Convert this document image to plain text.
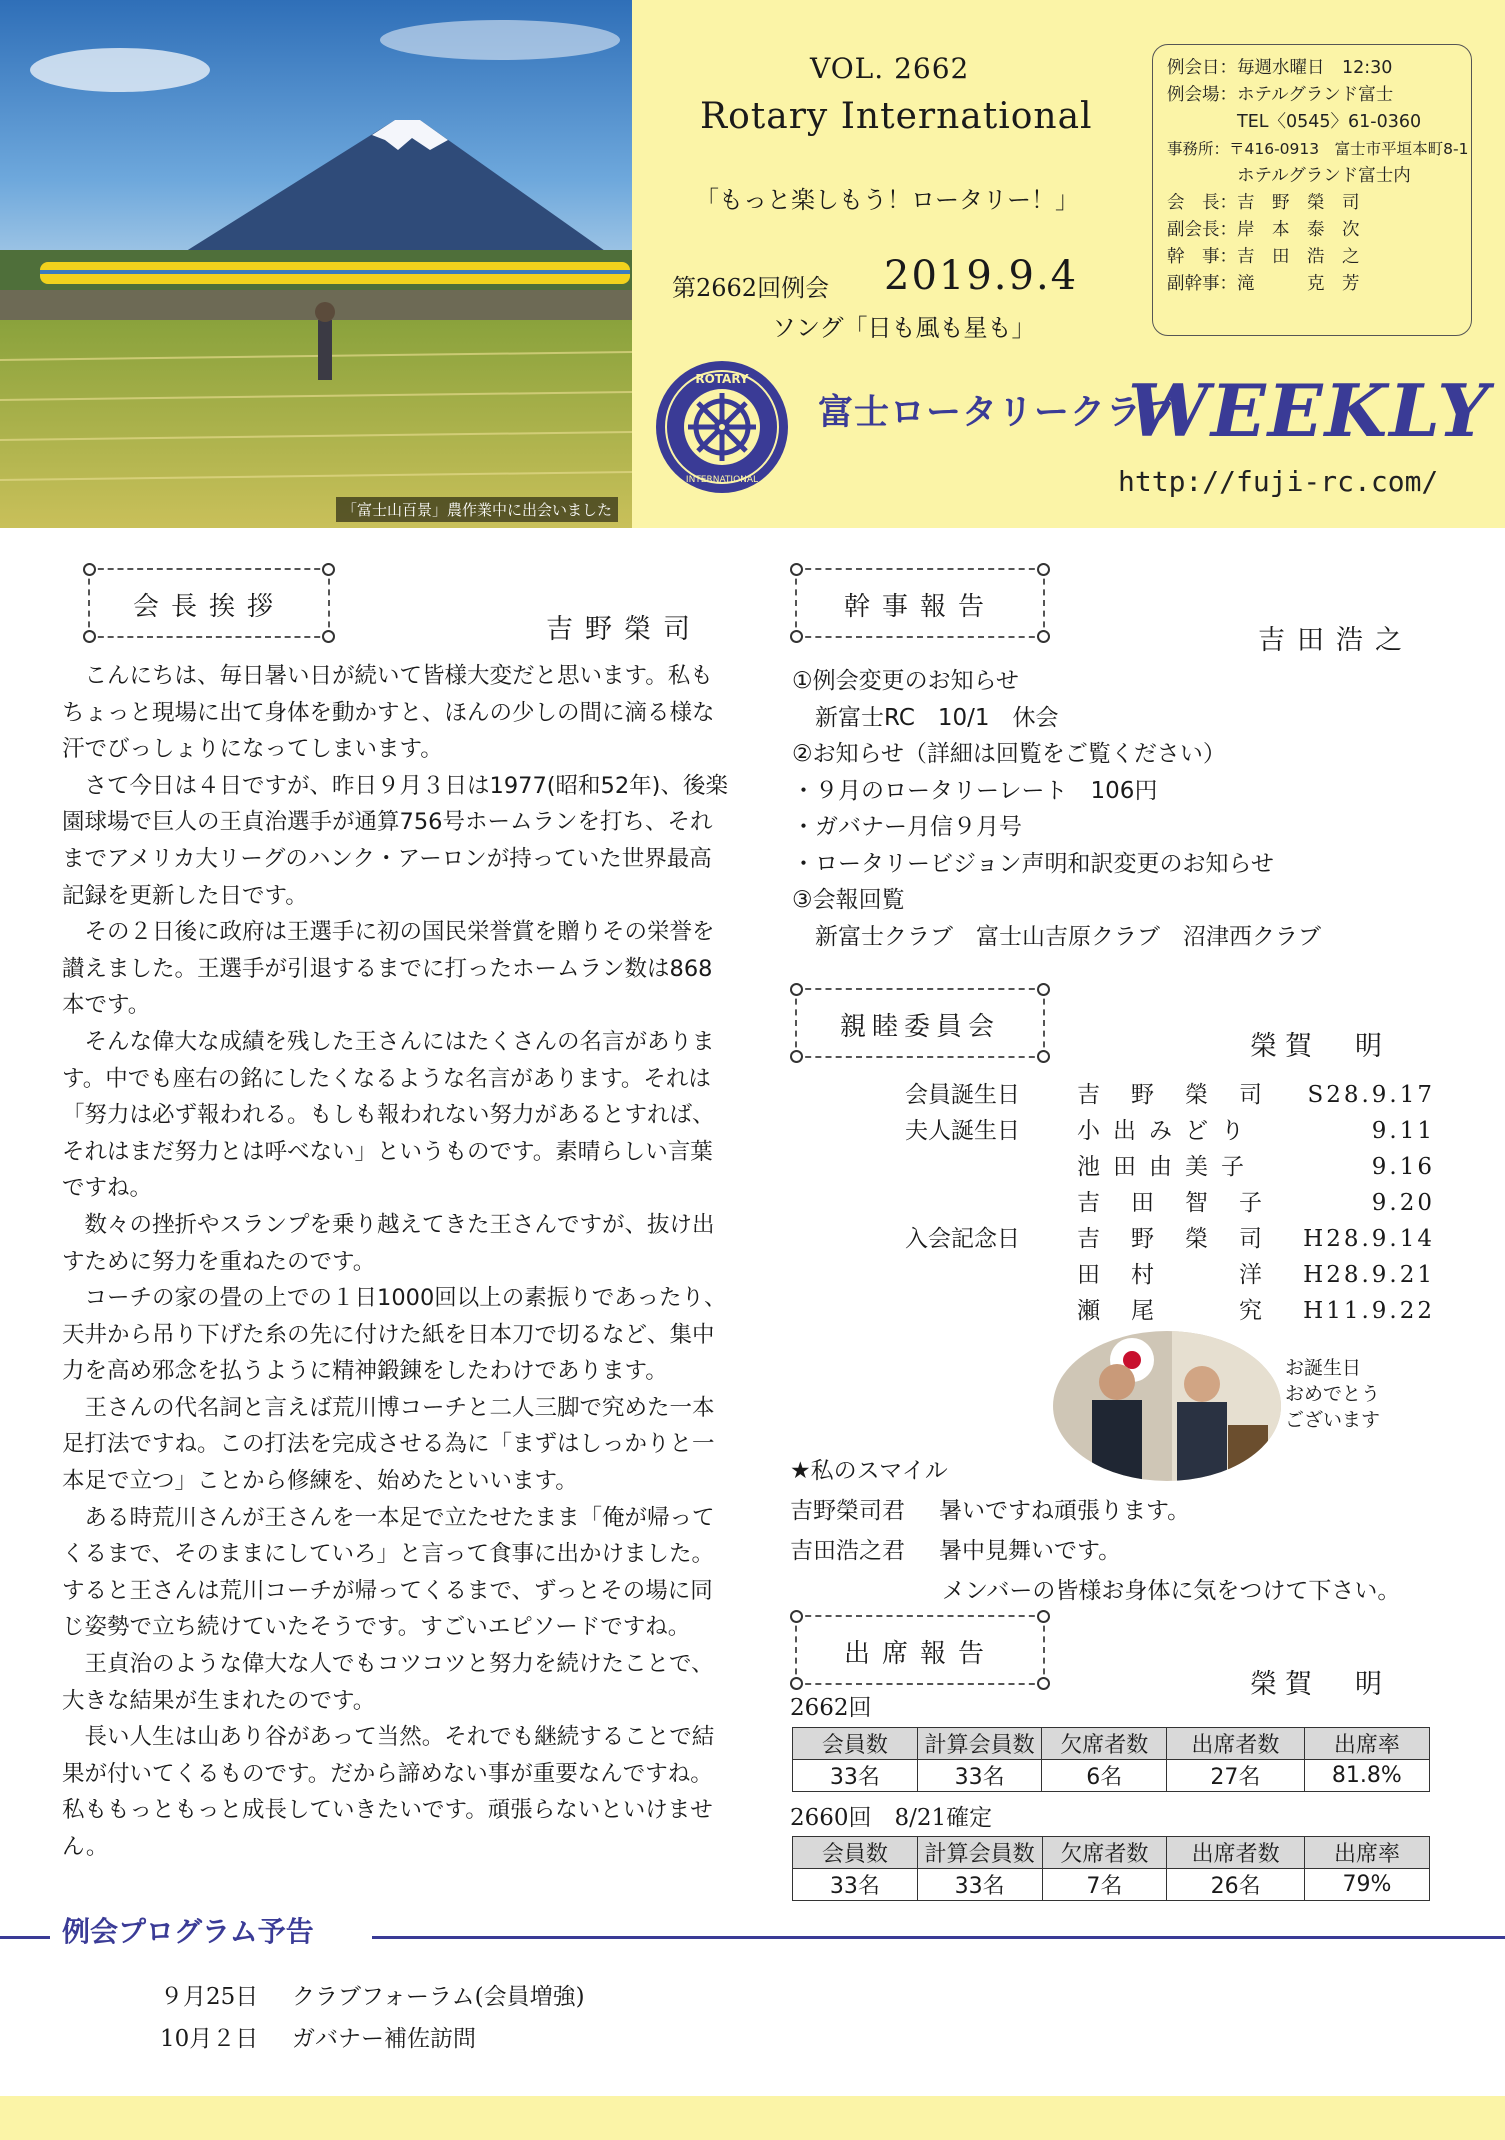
「富士山百景」農作業中に出会いました
VOL. 2662
Rotary International
「もっと楽しもう！ロータリー！」
第2662回例会 2019.9.4
ソング「日も風も星も」
例会日：毎週水曜日　12:30
例会場：ホテルグランド富士
　　　　TEL〈0545〉61-0360
事務所：〒416-0913　富士市平垣本町8-1
　　　　ホテルグランド富士内
会　長：吉　野　榮　司
副会長：岸　本　泰　次
幹　事：吉　田　浩　之
副幹事：滝　　　克　芳
ROTARY
INTERNATIONAL
富士ロータリークラブ
WEEKLY
http://fuji-rc.com/
会長挨拶
吉野榮司

こんにちは、毎日暑い日が続いて皆様大変だと思います。私もちょっと現場に出て身体を動かすと、ほんの少しの間に滴る様な汗でびっしょりになってしまいます。

さて今日は４日ですが、昨日９月３日は1977(昭和52年)、後楽園球場で巨人の王貞治選手が通算756号ホームランを打ち、それまでアメリカ大リーグのハンク・アーロンが持っていた世界最高記録を更新した日です。

その２日後に政府は王選手に初の国民栄誉賞を贈りその栄誉を讃えました。王選手が引退するまでに打ったホームラン数は868本です。

そんな偉大な成績を残した王さんにはたくさんの名言があります。中でも座右の銘にしたくなるような名言があります。それは「努力は必ず報われる。もしも報われない努力があるとすれば、それはまだ努力とは呼べない」というものです。素晴らしい言葉ですね。

数々の挫折やスランプを乗り越えてきた王さんですが、抜け出すために努力を重ねたのです。

コーチの家の畳の上での１日1000回以上の素振りであったり、天井から吊り下げた糸の先に付けた紙を日本刀で切るなど、集中力を高め邪念を払うように精神鍛錬をしたわけであります。

王さんの代名詞と言えば荒川博コーチと二人三脚で究めた一本足打法ですね。この打法を完成させる為に「まずはしっかりと一本足で立つ」ことから修練を、始めたといいます。

ある時荒川さんが王さんを一本足で立たせたまま「俺が帰ってくるまで、そのままにしていろ」と言って食事に出かけました。すると王さんは荒川コーチが帰ってくるまで、ずっとその場に同じ姿勢で立ち続けていたそうです。すごいエピソードですね。

王貞治のような偉大な人でもコツコツと努力を続けたことで、大きな結果が生まれたのです。

長い人生は山あり谷があって当然。それでも継続することで結果が付いてくるものです。だから諦めない事が重要なんですね。私ももっともっと成長していきたいです。頑張らないといけません。

幹事報告
吉田浩之
①例会変更のお知らせ
　新富士RC　10/1　休会
②お知らせ（詳細は回覧をご覧ください）
・９月のロータリーレート　106円
・ガバナー月信９月号
・ロータリービジョン声明和訳変更のお知らせ
③会報回覧
　新富士クラブ　富士山吉原クラブ　沼津西クラブ
親睦委員会
榮賀　明
会員誕生日 吉　野　榮　司 S28.9.17
夫人誕生日 小出みどり	9.11
池田由美子	9.16
吉　田　智　子	9.20
入会記念日 吉　野　榮　司 H28.9.14
田　村　　　洋 H28.9.21
瀬　尾　　　究 H11.9.22
お誕生日
おめでとう
ございます
★私のスマイル
吉野榮司君 暑いですね頑張ります。
吉田浩之君 暑中見舞いです。
メンバーの皆様お身体に気をつけて下さい。
出席報告
榮賀　明
2662回
会員数	計算会員数	欠席者数	出席者数	出席率
33名	33名	6名	27名	81.8%
2660回　8/21確定
会員数	計算会員数	欠席者数	出席者数	出席率
33名	33名	7名	26名	79%
例会プログラム予告
９月25日 クラブフォーラム(会員増強)
10月２日 ガバナー補佐訪問
